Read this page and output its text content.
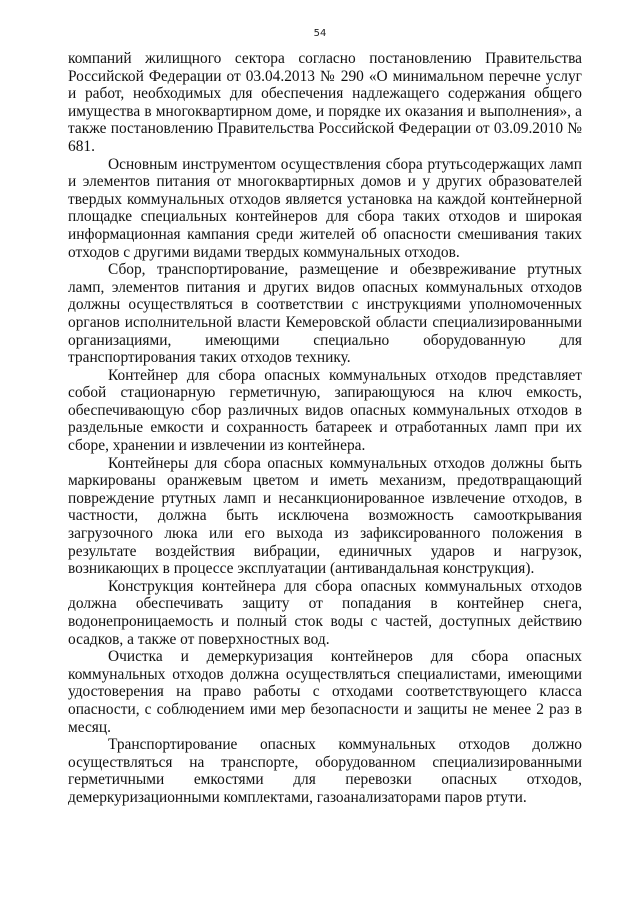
54

компаний жилищного сектора согласно постановлению Правительства Российской Федерации от 03.04.2013 № 290 «О минимальном перечне услуг и работ, необходимых для обеспечения надлежащего содержания общего имущества в многоквартирном доме, и порядке их оказания и выполнения», а также постановлению Правительства Российской Федерации от 03.09.2010 № 681.

Основным инструментом осуществления сбора ртутьсодержащих ламп и элементов питания от многоквартирных домов и у других образователей твердых коммунальных отходов является установка на каждой контейнерной площадке специальных контейнеров для сбора таких отходов и широкая информационная кампания среди жителей об опасности смешивания таких отходов с другими видами твердых коммунальных отходов.

Сбор, транспортирование, размещение и обезвреживание ртутных ламп, элементов питания и других видов опасных коммунальных отходов должны осуществляться в соответствии с инструкциями уполномоченных органов исполнительной власти Кемеровской области специализированными организациями, имеющими специально оборудованную для транспортирования таких отходов технику.

Контейнер для сбора опасных коммунальных отходов представляет собой стационарную герметичную, запирающуюся на ключ емкость, обеспечивающую сбор различных видов опасных коммунальных отходов в раздельные емкости и сохранность батареек и отработанных ламп при их сборе, хранении и извлечении из контейнера.

Контейнеры для сбора опасных коммунальных отходов должны быть маркированы оранжевым цветом и иметь механизм, предотвращающий повреждение ртутных ламп и несанкционированное извлечение отходов, в частности, должна быть исключена возможность самооткрывания загрузочного люка или его выхода из зафиксированного положения в результате воздействия вибрации, единичных ударов и нагрузок, возникающих в процессе эксплуатации (антивандальная конструкция).

Конструкция контейнера для сбора опасных коммунальных отходов должна обеспечивать защиту от попадания в контейнер снега, водонепроницаемость и полный сток воды с частей, доступных действию осадков, а также от поверхностных вод.

Очистка и демеркуризация контейнеров для сбора опасных коммунальных отходов должна осуществляться специалистами, имеющими удостоверения на право работы с отходами соответствующего класса опасности, с соблюдением ими мер безопасности и защиты не менее 2 раз в месяц.

Транспортирование опасных коммунальных отходов должно осуществляться на транспорте, оборудованном специализированными герметичными емкостями для перевозки опасных отходов, демеркуризационными комплектами, газоанализаторами паров ртути.
